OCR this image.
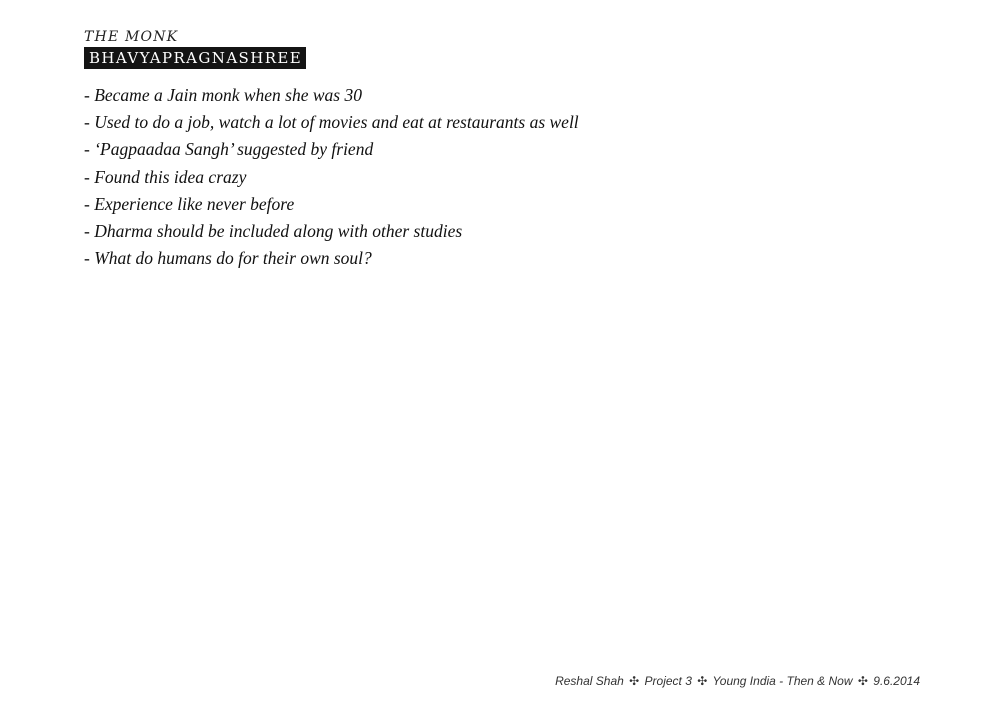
THE MONK
BHAVYAPRAGNASHREE
- Became a Jain monk when she was 30
- Used to do a job, watch a lot of movies and eat at restaurants as well
- ‘Pagpaadaa Sangh’ suggested by friend
- Found this idea crazy
- Experience like never before
- Dharma should be included along with other studies
- What do humans do for their own soul?
Reshal Shah ✣ Project 3 ✣ Young India - Then & Now ✣ 9.6.2014
